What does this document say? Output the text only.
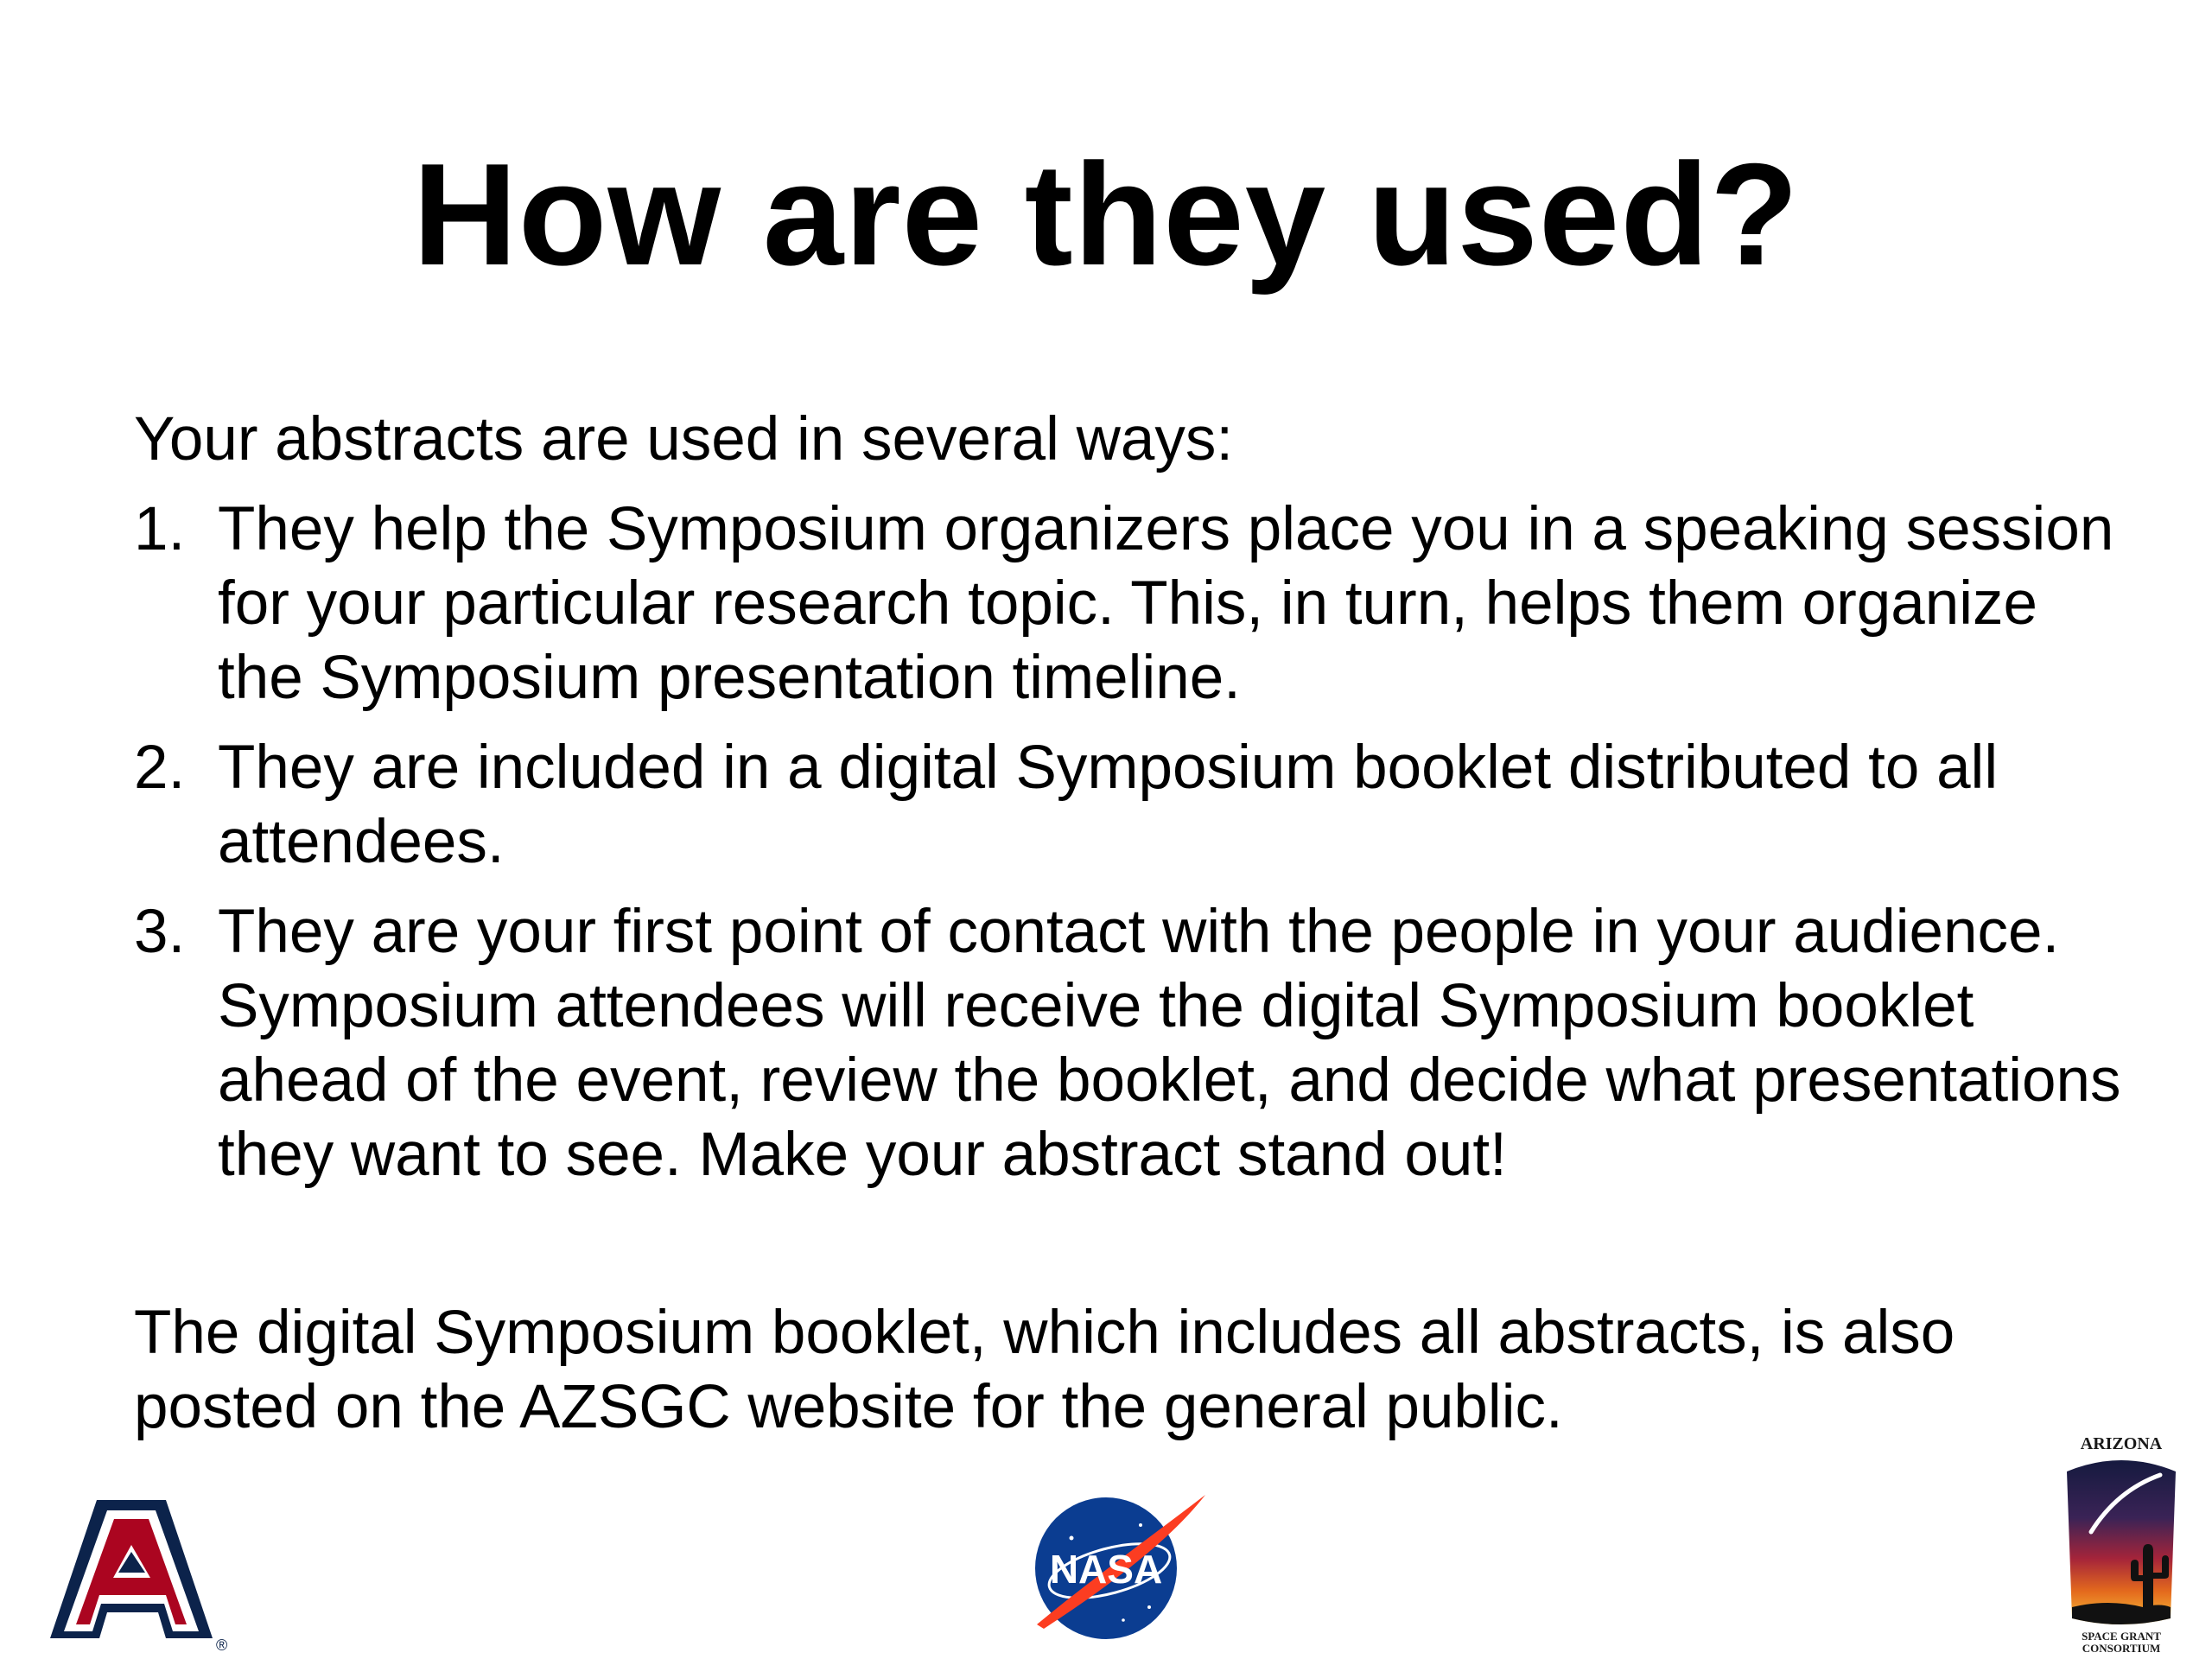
How are they used?
Your abstracts are used in several ways:
1. They help the Symposium organizers place you in a speaking session for your particular research topic. This, in turn, helps them organize the Symposium presentation timeline.
2. They are included in a digital Symposium booklet distributed to all attendees.
3. They are your first point of contact with the people in your audience. Symposium attendees will receive the digital Symposium booklet ahead of the event, review the booklet, and decide what presentations they want to see. Make your abstract stand out!
The digital Symposium booklet, which includes all abstracts, is also posted on the AZSGC website for the general public.
®
NASA
ARIZONA
SPACE GRANT
CONSORTIUM
